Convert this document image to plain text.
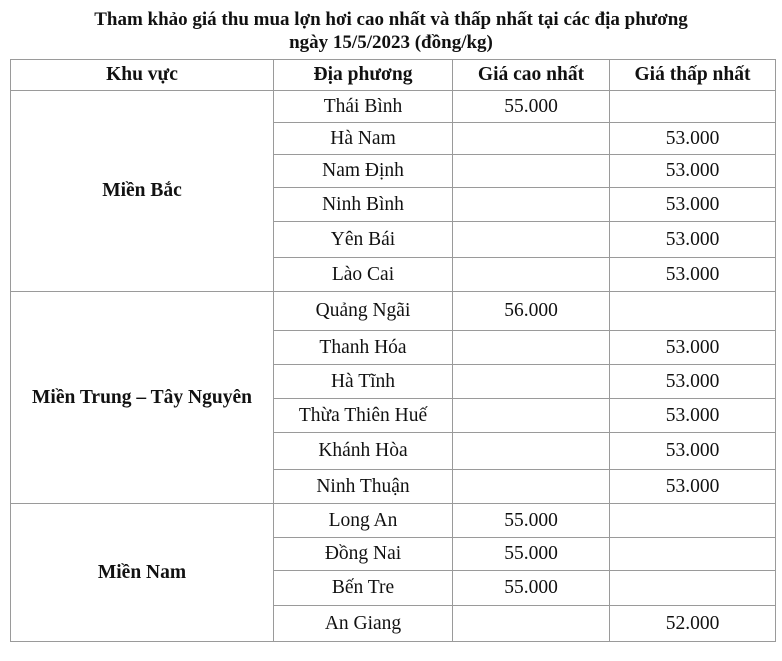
Tham khảo giá thu mua lợn hơi cao nhất và thấp nhất tại các địa phương
ngày 15/5/2023 (đồng/kg)
Khu vực	Địa phương	Giá cao nhất	Giá thấp nhất
Miền Bắc	Thái Bình	55.000	
	Hà Nam		53.000
	Nam Định		53.000
	Ninh Bình		53.000
	Yên Bái		53.000
	Lào Cai		53.000
Miền Trung – Tây Nguyên	Quảng Ngãi	56.000	
	Thanh Hóa		53.000
	Hà Tĩnh		53.000
	Thừa Thiên Huế		53.000
	Khánh Hòa		53.000
	Ninh Thuận		53.000
Miền Nam	Long An	55.000	
	Đồng Nai	55.000	
	Bến Tre	55.000	
	An Giang		52.000
